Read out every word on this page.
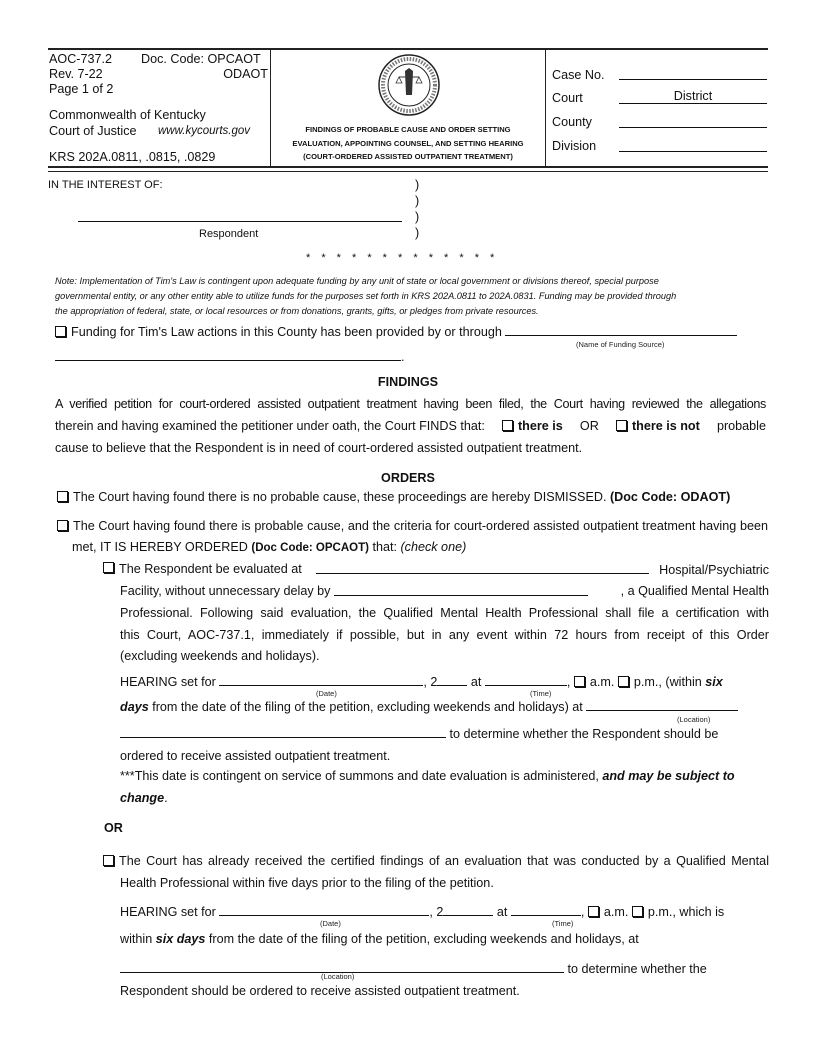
AOC-737.2 Doc. Code: OPCAOT
Rev. 7-22	ODAOT
Page 1 of 2
Commonwealth of Kentucky
Court of Justice www.kycourts.gov
KRS 202A.0811, .0815, .0829
FINDINGS OF PROBABLE CAUSE AND ORDER SETTING
EVALUATION, APPOINTING COUNSEL, AND SETTING HEARING
(COURT-ORDERED ASSISTED OUTPATIENT TREATMENT)
Case No.
Court	District
County
Division
IN THE INTEREST OF:	)
)
)
)
Respondent
* * * * * * * * * * * * *
Note: Implementation of Tim's Law is contingent upon adequate funding by any unit of state or local government or divisions thereof, special purpose
governmental entity, or any other entity able to utilize funds for the purposes set forth in KRS 202A.0811 to 202A.0831. Funding may be provided through
the appropriation of federal, state, or local resources or from donations, grants, gifts, or pledges from private resources.
Funding for Tim's Law actions in this County has been provided by or through
(Name of Funding Source)
.
FINDINGS
A verified petition for court-ordered assisted outpatient treatment having been filed, the Court having reviewed the allegations
therein and having examined the petitioner under oath, the Court FINDS that:	there is OR	there is not probable
cause to believe that the Respondent is in need of court-ordered assisted outpatient treatment.
ORDERS
The Court having found there is no probable cause, these proceedings are hereby DISMISSED. (Doc Code: ODAOT)
The Court having found there is probable cause, and the criteria for court-ordered assisted outpatient treatment having been
met, IT IS HEREBY ORDERED (Doc Code: OPCAOT) that: (check one)
The Respondent be evaluated at	Hospital/Psychiatric
Facility, without unnecessary delay by
	, a Qualified Mental Health
Professional. Following said evaluation, the Qualified Mental Health Professional shall file a certification with
this Court, AOC-737.1, immediately if possible, but in any event within 72 hours from receipt of this Order
(excluding weekends and holidays).
HEARING set for	, 2	at	, a.m. p.m., (within six
(Date)	(Time)
days from the date of the filing of the petition, excluding weekends and holidays) at
(Location)
to determine whether the Respondent should be
ordered to receive assisted outpatient treatment.
***This date is contingent on service of summons and date evaluation is administered, and may be subject to
change.
OR
The Court has already received the certified findings of an evaluation that was conducted by a Qualified Mental
Health Professional within five days prior to the filing of the petition.
HEARING set for	, 2	at	, a.m. p.m., which is
(Date)	(Time)
within six days from the date of the filing of the petition, excluding weekends and holidays, at
to determine whether the
(Location)
Respondent should be ordered to receive assisted outpatient treatment.
